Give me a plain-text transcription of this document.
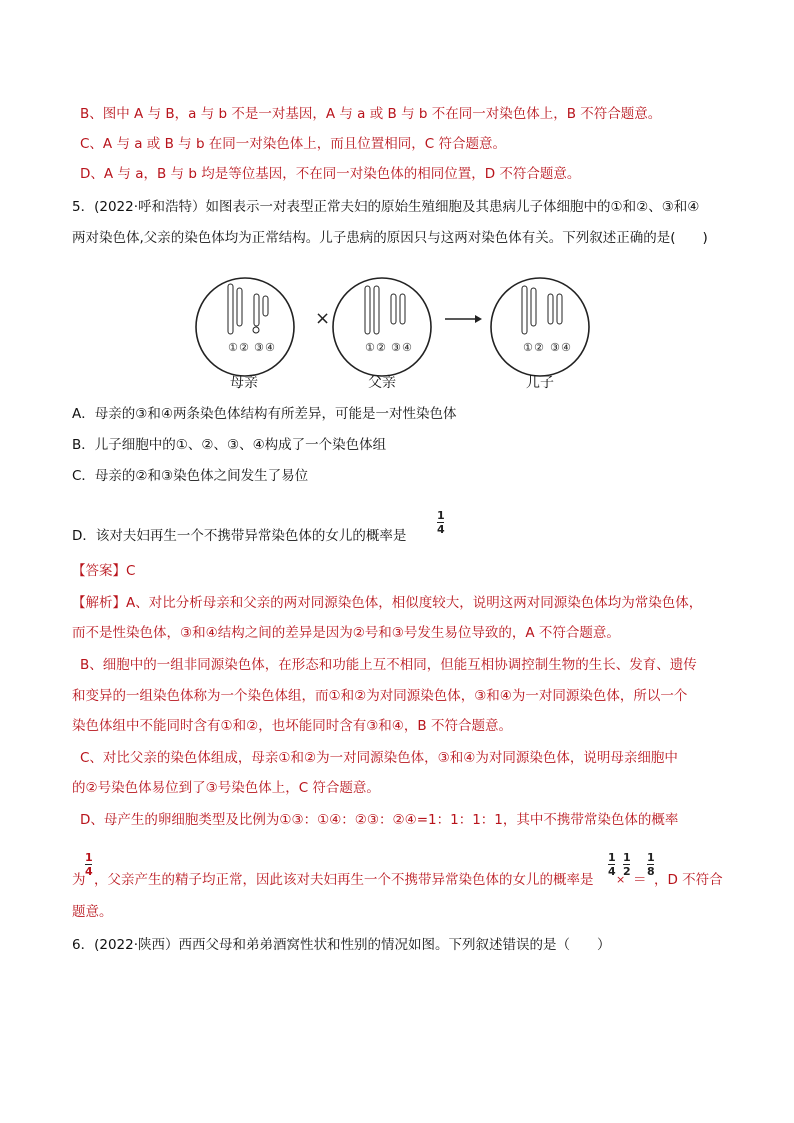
B、图中 A 与 B，a 与 b 不是一对基因，A 与 a 或 B 与 b 不在同一对染色体上，B 不符合题意。
C、A 与 a 或 B 与 b 在同一对染色体上，而且位置相同，C 符合题意。
D、A 与 a，B 与 b 均是等位基因，不在同一对染色体的相同位置，D 不符合题意。
5．(2022·呼和浩特）如图表示一对表型正常夫妇的原始生殖细胞及其患病儿子体细胞中的①和②、③和④
两对染色体,父亲的染色体均为正常结构。儿子患病的原因只与这两对染色体有关。下列叙述正确的是(　　)
① ② ③ ④
×
① ② ③ ④	① ② ③ ④
母亲	父亲	儿子
A．母亲的③和④两条染色体结构有所差异，可能是一对性染色体
B．儿子细胞中的①、②、③、④构成了一个染色体组
C．母亲的②和③染色体之间发生了易位
D．该对夫妇再生一个不携带异常染色体的女儿的概率是
1
4
【答案】C
【解析】A、对比分析母亲和父亲的两对同源染色体，相似度较大，说明这两对同源染色体均为常染色体，
而不是性染色体，③和④结构之间的差异是因为②号和③号发生易位导致的，A 不符合题意。
B、细胞中的一组非同源染色体，在形态和功能上互不相同，但能互相协调控制生物的生长、发育、遗传
和变异的一组染色体称为一个染色体组，而①和②为对同源染色体，③和④为一对同源染色体，所以一个
染色体组中不能同时含有①和②，也坏能同时含有③和④，B 不符合题意。
C、对比父亲的染色体组成，母亲①和②为一对同源染色体，③和④为对同源染色体，说明母亲细胞中
的②号染色体易位到了③号染色体上，C 符合题意。
D、母产生的卵细胞类型及比例为①③：①④：②③：②④=1：1：1：1，其中不携带常染色体的概率
1
4
为 ，父亲产生的精子均正常，因此该对夫妇再生一个不携带异常染色体的女儿的概率是
1
4
×
1
2
＝
1
8
，D 不符合
题意。
6．(2022·陕西）西西父母和弟弟酒窝性状和性别的情况如图。下列叙述错误的是（　　）
